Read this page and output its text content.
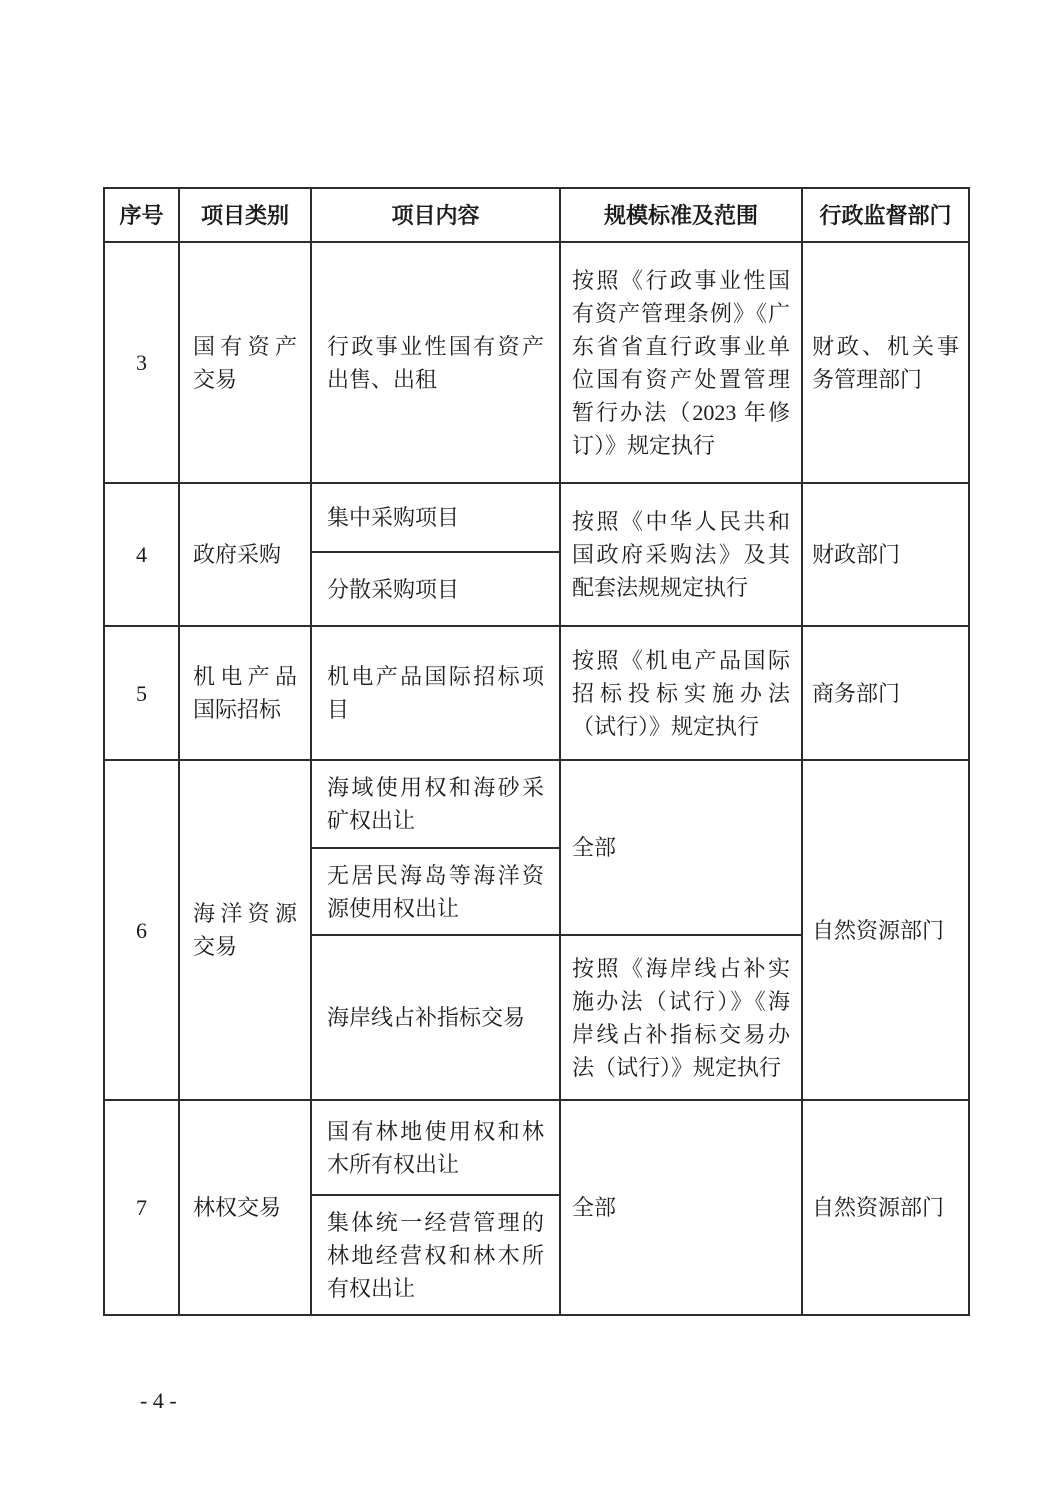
序号	项目类别	项目内容	规模标准及范围	行政监督部门
3	国有资产交易	行政事业性国有资产出售、出租	按照《行政事业性国有资产管理条例》《广东省省直行政事业单位国有资产处置管理暂行办法（2023 年修订）》规定执行	财政、机关事务管理部门
4	政府采购	集中采购项目	按照《中华人民共和国政府采购法》及其配套法规规定执行	财政部门
		分散采购项目		
5	机电产品国际招标	机电产品国际招标项目	按照《机电产品国际招标投标实施办法（试行）》规定执行	商务部门
6	海洋资源交易	海域使用权和海砂采矿权出让	全部	自然资源部门
		无居民海岛等海洋资源使用权出让		
		海岸线占补指标交易	按照《海岸线占补实施办法（试行）》《海岸线占补指标交易办法（试行）》规定执行	
7	林权交易	国有林地使用权和林木所有权出让	全部	自然资源部门
		集体统一经营管理的林地经营权和林木所有权出让		
- 4 -
